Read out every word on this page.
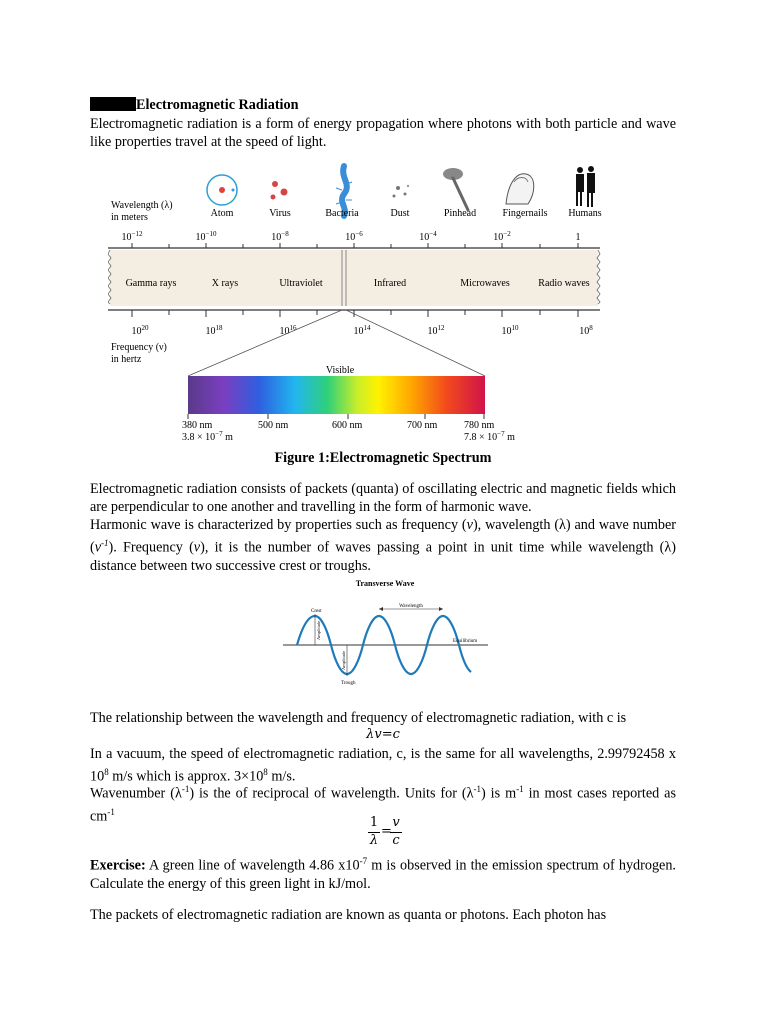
Electromagnetic Radiation
Electromagnetic radiation is a form of energy propagation where photons with both particle and wave like properties travel at the speed of light.
Wavelength (λ)
in meters	Atom	Virus	Bacteria	Dust	Pinhead	Fingernails Humans
$10^{-12}$	$10^{-10}$	$10^{-8}$	$10^{-6}$	$10^{-4}$	$10^{-2}$	1
Gamma rays	X rays	Ultraviolet	Infrared	Microwaves	Radio waves
$10^{20}$	$10^{18}$	$10^{16}$	$10^{14}$	$10^{12}$	$10^{10}$	$10^8$
Frequency (ν)
in hertz
Visible
380 nm	500 nm	600 nm	700 nm	780 nm
$3.8 \times 10^{-7}$ m	$7.8 \times 10^{-7}$ m
Figure 1:Electromagnetic Spectrum
Electromagnetic radiation consists of packets (quanta) of oscillating electric and magnetic fields which are perpendicular to one another and travelling in the form of harmonic wave.
Harmonic wave is characterized by properties such as frequency (v), wavelength (λ) and wave number $(v^{-1})$. Frequency (v), it is the number of waves passing a point in unit time while wavelength (λ) distance between two successive crest or troughs.
Transverse Wave
Crest
Wavelength
Equilibrium
Amplitude
Amplitude
Trough
The relationship between the wavelength and frequency of electromagnetic radiation, with c is
λv=c
In a vacuum, the speed of electromagnetic radiation, c, is the same for all wavelengths, 2.99792458 x $10^8$ m/s which is approx. $3\times 10^8$ m/s.
Wavenumber $(\lambda^{-1})$ is the of reciprocal of wavelength. Units for $(\lambda^{-1})$ is $m^{-1}$ in most cases reported as $cm^{-1}$
1
λ
=
v
c
Exercise: A green line of wavelength 4.86 $x10^{-7}$ m is observed in the emission spectrum of hydrogen. Calculate the energy of this green light in kJ/mol.
The packets of electromagnetic radiation are known as quanta or photons. Each photon has
